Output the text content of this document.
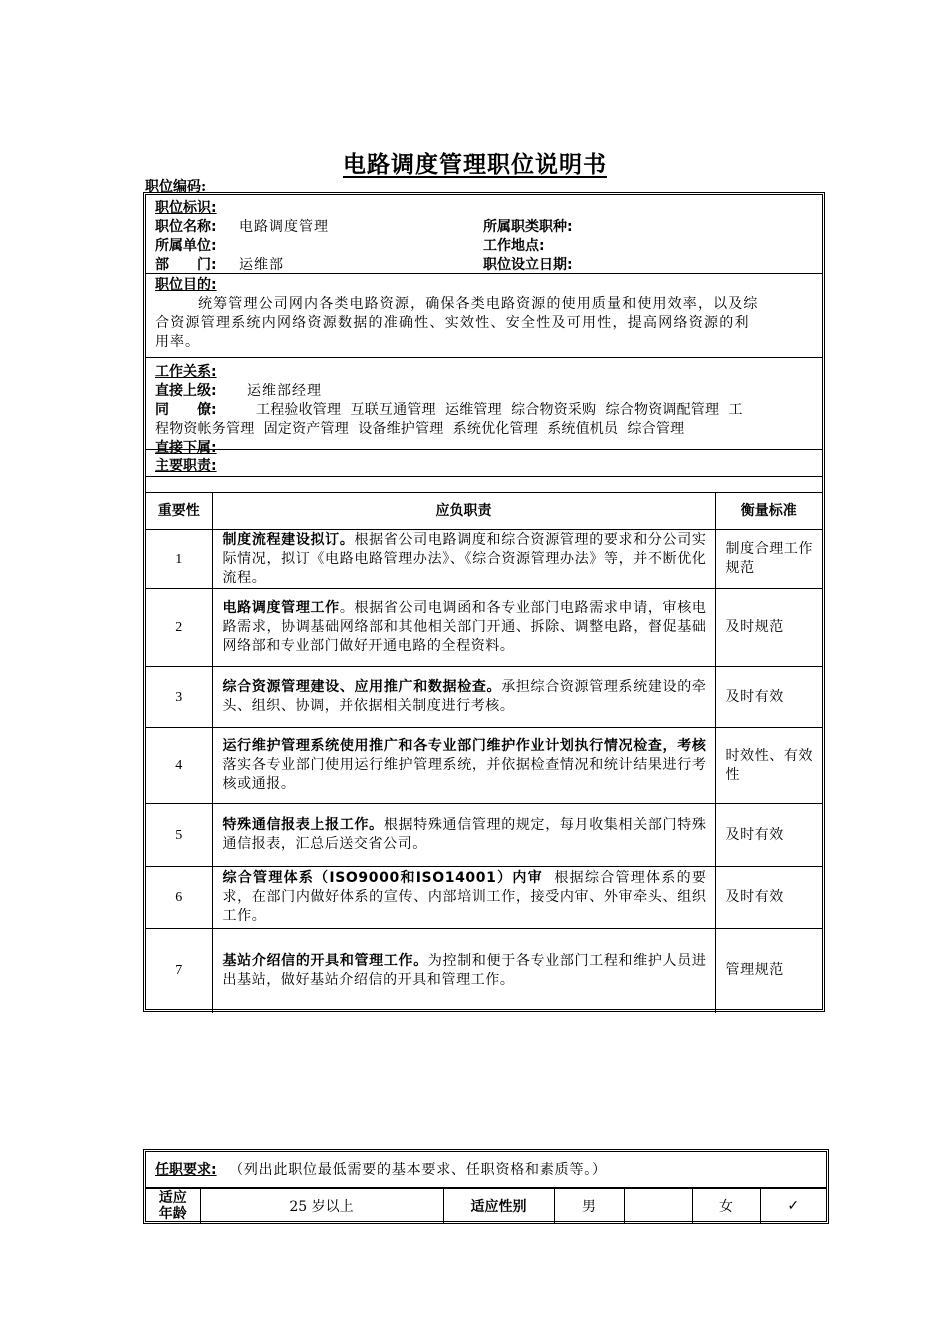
电路调度管理职位说明书
职位编码:
职位标识:
职位名称: 电路调度管理	所属职类职种:
所属单位:	工作地点:
部　　门: 运维部	职位设立日期:
职位目的:
统筹管理公司网内各类电路资源，确保各类电路资源的使用质量和使用效率，以及综
合资源管理系统内网络资源数据的准确性、实效性、安全性及可用性，提高网络资源的利
用率。
工作关系:
直接上级: 运维部经理
同　　僚:	工程验收管理  互联互通管理  运维管理  综合物资采购  综合物资调配管理  工
程物资帐务管理  固定资产管理  设备维护管理  系统优化管理  系统值机员  综合管理
直接下属:
主要职责:
重要性	应负职责	衡量标准
1	制度流程建设拟订。根据省公司电路调度和综合资源管理的要求和分公司实际情况，拟订《电路电路管理办法》、《综合资源管理办法》等，并不断优化流程。	制度合理工作规范
2	电路调度管理工作。根据省公司电调函和各专业部门电路需求申请，审核电路需求，协调基础网络部和其他相关部门开通、拆除、调整电路，督促基础网络部和专业部门做好开通电路的全程资料。	及时规范
3	综合资源管理建设、应用推广和数据检查。承担综合资源管理系统建设的牵头、组织、协调，并依据相关制度进行考核。	及时有效
4	运行维护管理系统使用推广和各专业部门维护作业计划执行情况检查，考核落实各专业部门使用运行维护管理系统，并依据检查情况和统计结果进行考核或通报。	时效性、有效性
5	特殊通信报表上报工作。根据特殊通信管理的规定，每月收集相关部门特殊通信报表，汇总后送交省公司。	及时有效
6	综合管理体系（ISO9000和ISO14001）内审  根据综合管理体系的要求，在部门内做好体系的宣传、内部培训工作，接受内审、外审牵头、组织工作。	及时有效
7	基站介绍信的开具和管理工作。为控制和便于各专业部门工程和维护人员进出基站，做好基站介绍信的开具和管理工作。	管理规范
任职要求: （列出此职位最低需要的基本要求、任职资格和素质等。）
适应
年龄	25 岁以上	适应性别	男		女	✓
